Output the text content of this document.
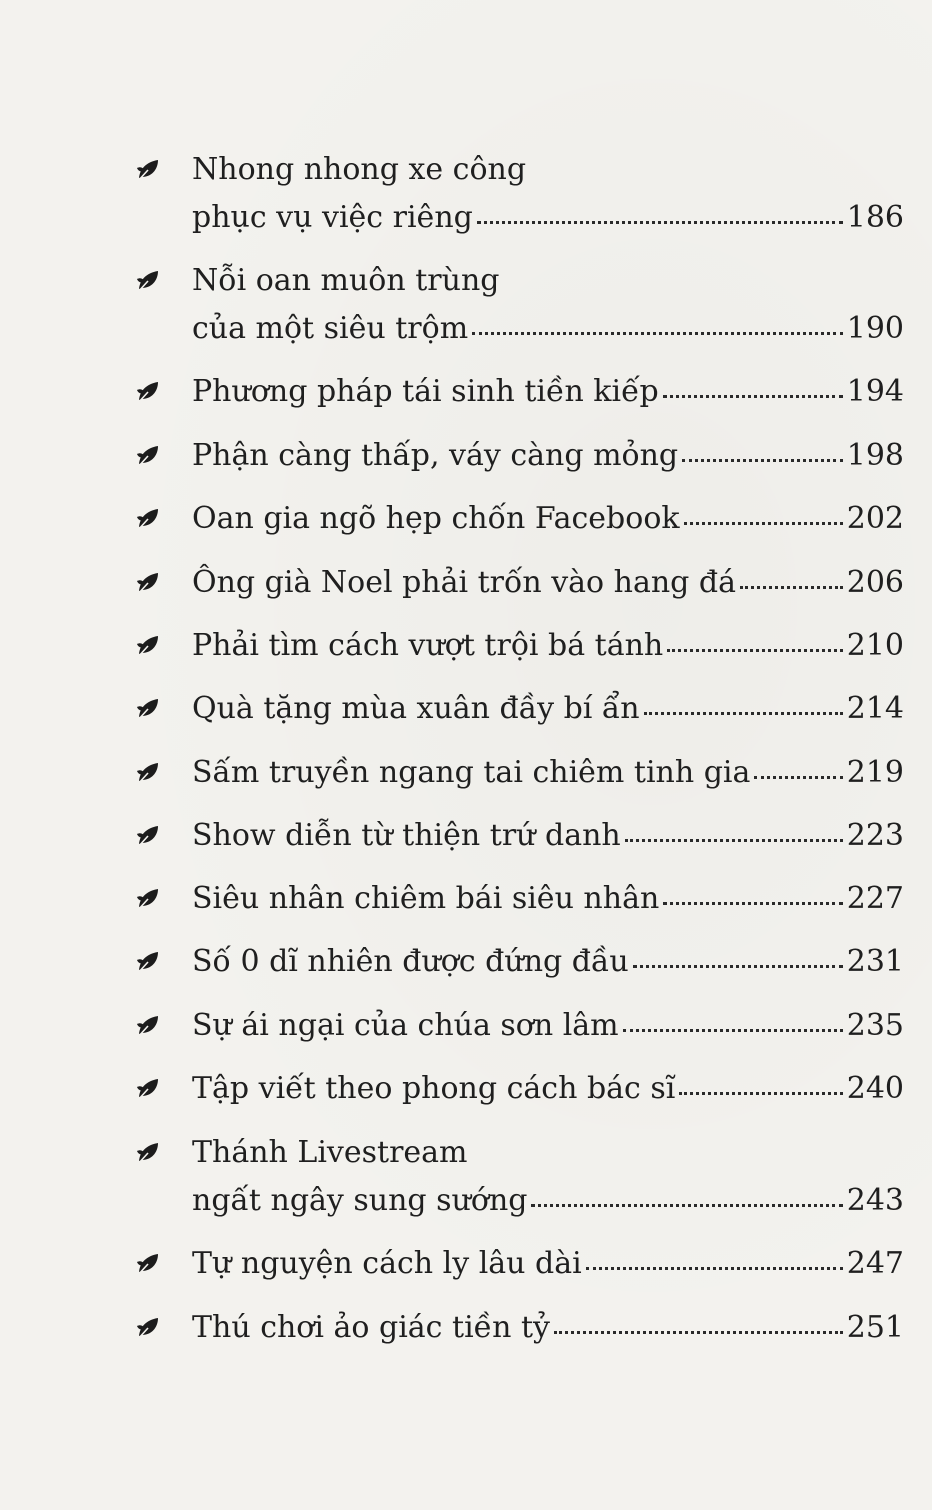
Nhong nhong xe công
phục vụ việc riêng	186
Nỗi oan muôn trùng
của một siêu trộm	190
Phương pháp tái sinh tiền kiếp	194
Phận càng thấp, váy càng mỏng	198
Oan gia ngõ hẹp chốn Facebook	202
Ông già Noel phải trốn vào hang đá	206
Phải tìm cách vượt trội bá tánh	210
Quà tặng mùa xuân đầy bí ẩn	214
Sấm truyền ngang tai chiêm tinh gia	219
Show diễn từ thiện trứ danh	223
Siêu nhân chiêm bái siêu nhân	227
Số 0 dĩ nhiên được đứng đầu	231
Sự ái ngại của chúa sơn lâm	235
Tập viết theo phong cách bác sĩ	240
Thánh Livestream
ngất ngây sung sướng	243
Tự nguyện cách ly lâu dài	247
Thú chơi ảo giác tiền tỷ	251
